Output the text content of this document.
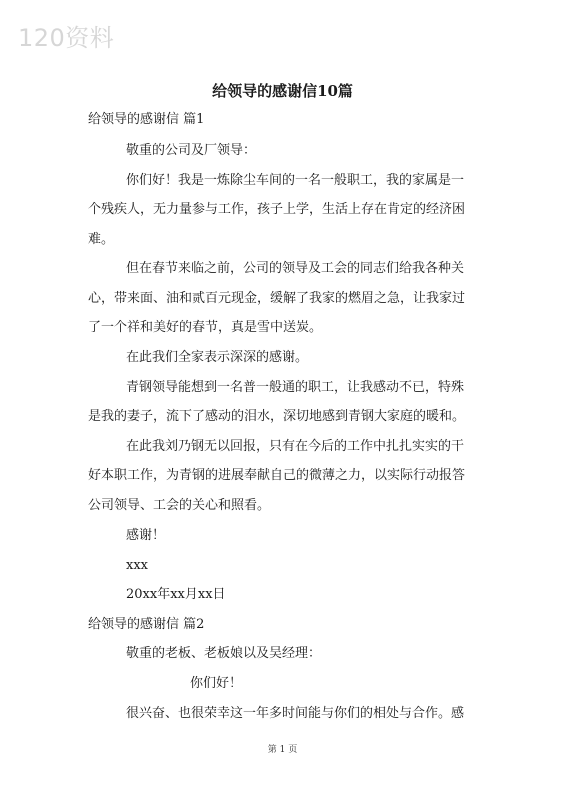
120资料
给领导的感谢信10篇
给领导的感谢信 篇1
敬重的公司及厂领导：
你们好！我是一炼除尘车间的一名一般职工，我的家属是一
个残疾人，无力量参与工作，孩子上学，生活上存在肯定的经济困
难。
但在春节来临之前，公司的领导及工会的同志们给我各种关
心，带来面、油和贰百元现金，缓解了我家的燃眉之急，让我家过
了一个祥和美好的春节，真是雪中送炭。
在此我们全家表示深深的感谢。
青钢领导能想到一名普一般通的职工，让我感动不已，特殊
是我的妻子，流下了感动的泪水，深切地感到青钢大家庭的暖和。
在此我刘乃钢无以回报，只有在今后的工作中扎扎实实的干
好本职工作，为青钢的进展奉献自己的微薄之力，以实际行动报答
公司领导、工会的关心和照看。
感谢！
xxx
20xx年xx月xx日
给领导的感谢信 篇2
敬重的老板、老板娘以及吴经理：
你们好！
很兴奋、也很荣幸这一年多时间能与你们的相处与合作。感
第 1 页
